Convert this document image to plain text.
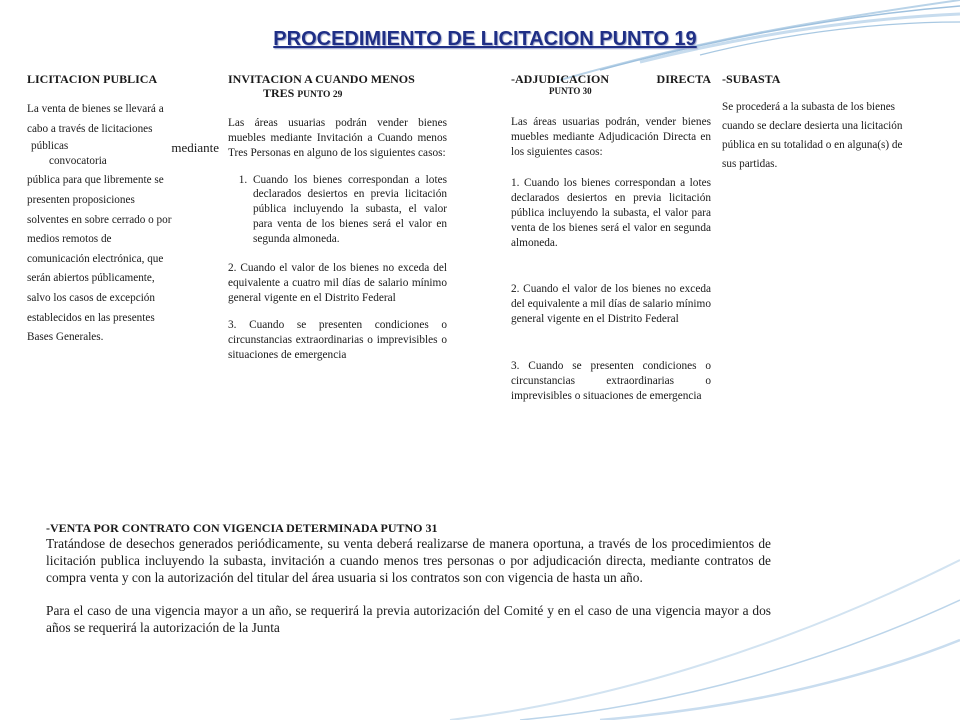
PROCEDIMIENTO DE LICITACION PUNTO 19
LICITACION PUBLICA

La venta de bienes se llevará a

cabo a través de licitaciones

públicas	mediante

convocatoria

pública para que libremente se

presenten proposiciones

solventes en sobre cerrado o por

medios remotos de

comunicación electrónica, que

serán abiertos públicamente,

salvo los casos de excepción

establecidos en las presentes

Bases Generales.

INVITACION A CUANDO MENOS
TRES PUNTO 29

Las áreas usuarias podrán vender bienes muebles mediante Invitación a Cuando menos Tres Personas en alguno de los siguientes casos:

1. Cuando los bienes correspondan a lotes declarados desiertos en previa licitación pública incluyendo la subasta, el valor para venta de los bienes será el valor en segunda almoneda.

2. Cuando el valor de los bienes no exceda del equivalente a cuatro mil días de salario mínimo general vigente en el Distrito Federal

3. Cuando se presenten condiciones o circunstancias extraordinarias o imprevisibles o situaciones de emergencia

-ADJUDICACION	DIRECTA
PUNTO 30

Las áreas usuarias podrán, vender bienes muebles mediante Adjudicación Directa en los siguientes casos:

1. Cuando los bienes correspondan a lotes declarados desiertos en previa licitación pública incluyendo la subasta, el valor para venta de los bienes será el valor en segunda almoneda.

2. Cuando el valor de los bienes no exceda del equivalente a mil días de salario mínimo general vigente en el Distrito Federal

3. Cuando se presenten condiciones o circunstancias extraordinarias o imprevisibles o situaciones de emergencia

-SUBASTA

Se procederá a la subasta de los bienes cuando se declare desierta una licitación pública en su totalidad o en alguna(s) de sus partidas.

-VENTA POR CONTRATO CON VIGENCIA DETERMINADA PUTNO 31

Tratándose de desechos generados periódicamente, su venta deberá realizarse de manera oportuna, a través de los procedimientos de licitación publica incluyendo la subasta, invitación a cuando menos tres personas o por adjudicación directa, mediante contratos de compra venta y con la autorización del titular del área usuaria si los contratos son con vigencia de hasta un año.

Para el caso de una vigencia mayor a un año, se requerirá la previa autorización del Comité y en el caso de una vigencia mayor a dos años se requerirá la autorización de la Junta
